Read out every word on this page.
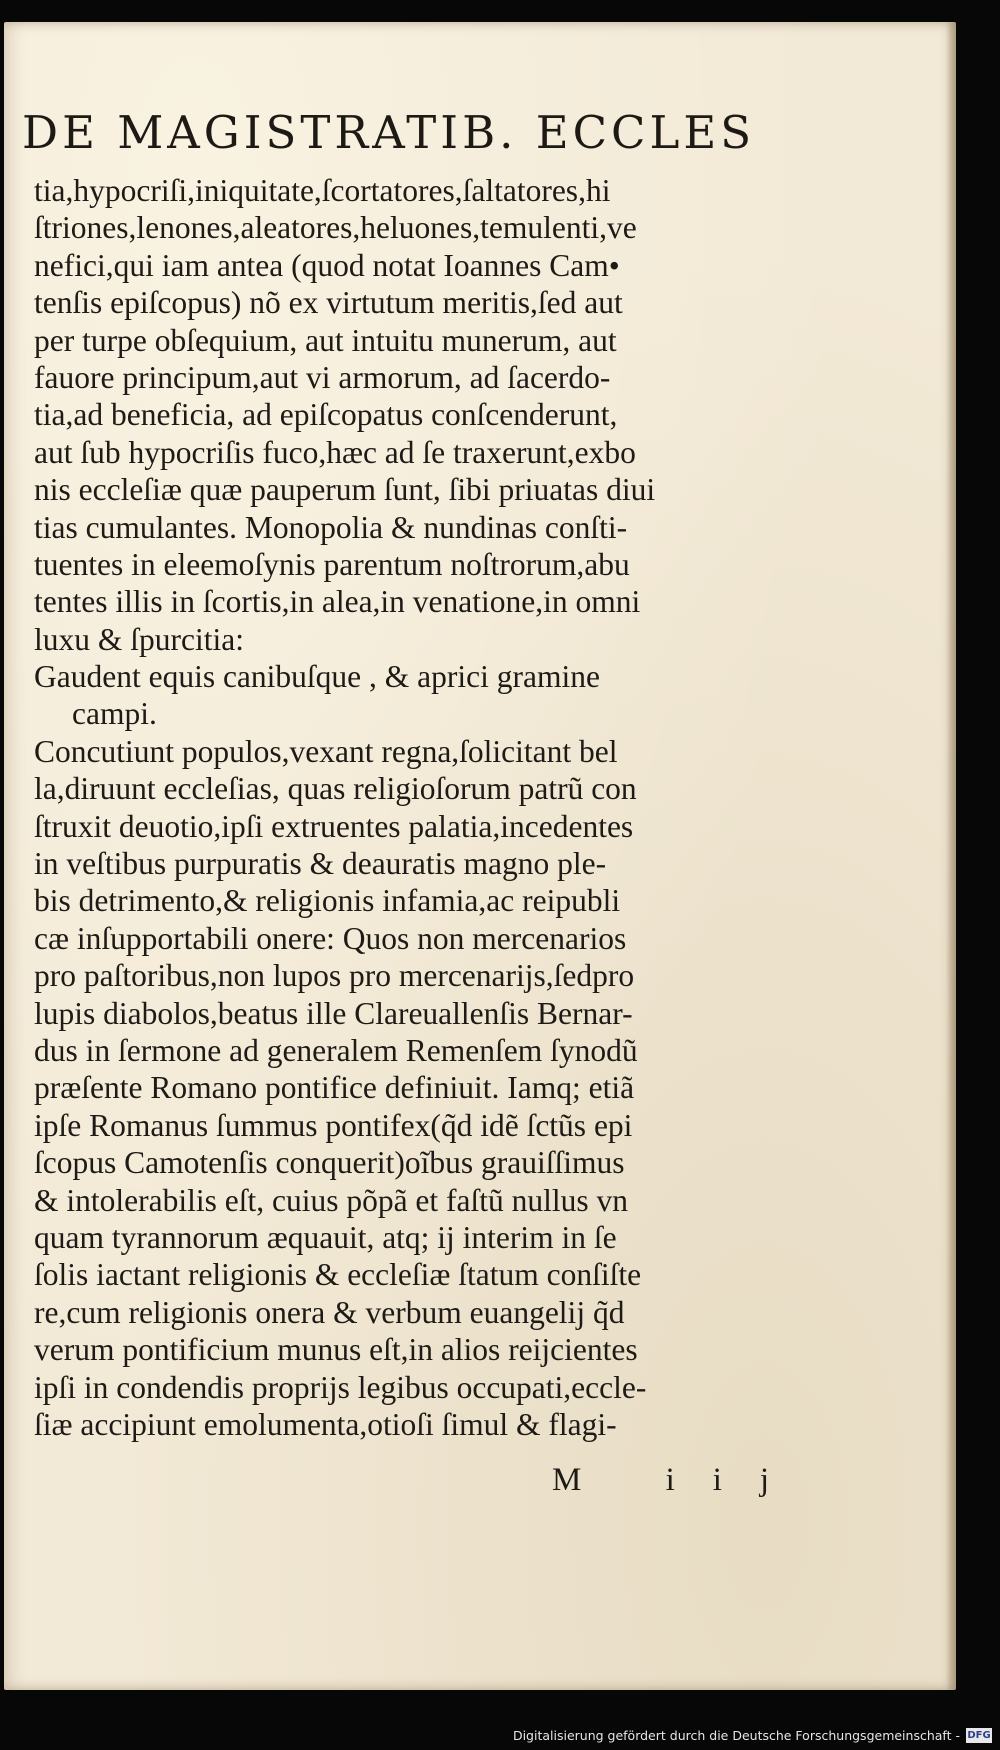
DE MAGISTRATIB. ECCLES
tia,hypocriſi,iniquitate,ſcortatores,ſaltatores,hi
ſtriones,lenones,aleatores,heluones,temulenti,ve
nefici,qui iam antea (quod notat Ioannes Cam•
tenſis epiſcopus) nõ ex virtutum meritis,ſed aut
per turpe obſequium, aut intuitu munerum, aut
fauore principum,aut vi armorum, ad ſacerdo-
tia,ad beneficia, ad epiſcopatus conſcenderunt,
aut ſub hypocriſis fuco,hæc ad ſe traxerunt,exbo
nis eccleſiæ quæ pauperum ſunt, ſibi priuatas diui
tias cumulantes. Monopolia & nundinas conſti-
tuentes in eleemoſynis parentum noſtrorum,abu
tentes illis in ſcortis,in alea,in venatione,in omni
luxu & ſpurcitia:
Gaudent equis canibuſque , & aprici gramine
campi.
Concutiunt populos,vexant regna,ſolicitant bel
la,diruunt eccleſias, quas religioſorum patrũ con
ſtruxit deuotio,ipſi extruentes palatia,incedentes
in veſtibus purpuratis & deauratis magno ple-
bis detrimento,& religionis infamia,ac reipubli
cæ inſupportabili onere: Quos non mercenarios
pro paſtoribus,non lupos pro mercenarijs,ſedpro
lupis diabolos,beatus ille Clareuallenſis Bernar-
dus in ſermone ad generalem Remenſem ſynodũ
præſente Romano pontifice definiuit. Iamq; etiã
ipſe Romanus ſummus pontifex(q̃d idẽ ſctũs epi
ſcopus Camotenſis conquerit)oĩbus grauiſſimus
& intolerabilis eſt, cuius põpã et faſtũ nullus vn
quam tyrannorum æquauit, atq; ij interim in ſe
ſolis iactant religionis & eccleſiæ ſtatum conſiſte
re,cum religionis onera & verbum euangelij q̃d
verum pontificium munus eſt,in alios reijcientes
ipſi in condendis proprijs legibus occupati,eccle-
ſiæ accipiunt emolumenta,otioſi ſimul & flagi-
M iij
Digitalisierung gefördert durch die Deutsche Forschungsgemeinschaft - DFG
